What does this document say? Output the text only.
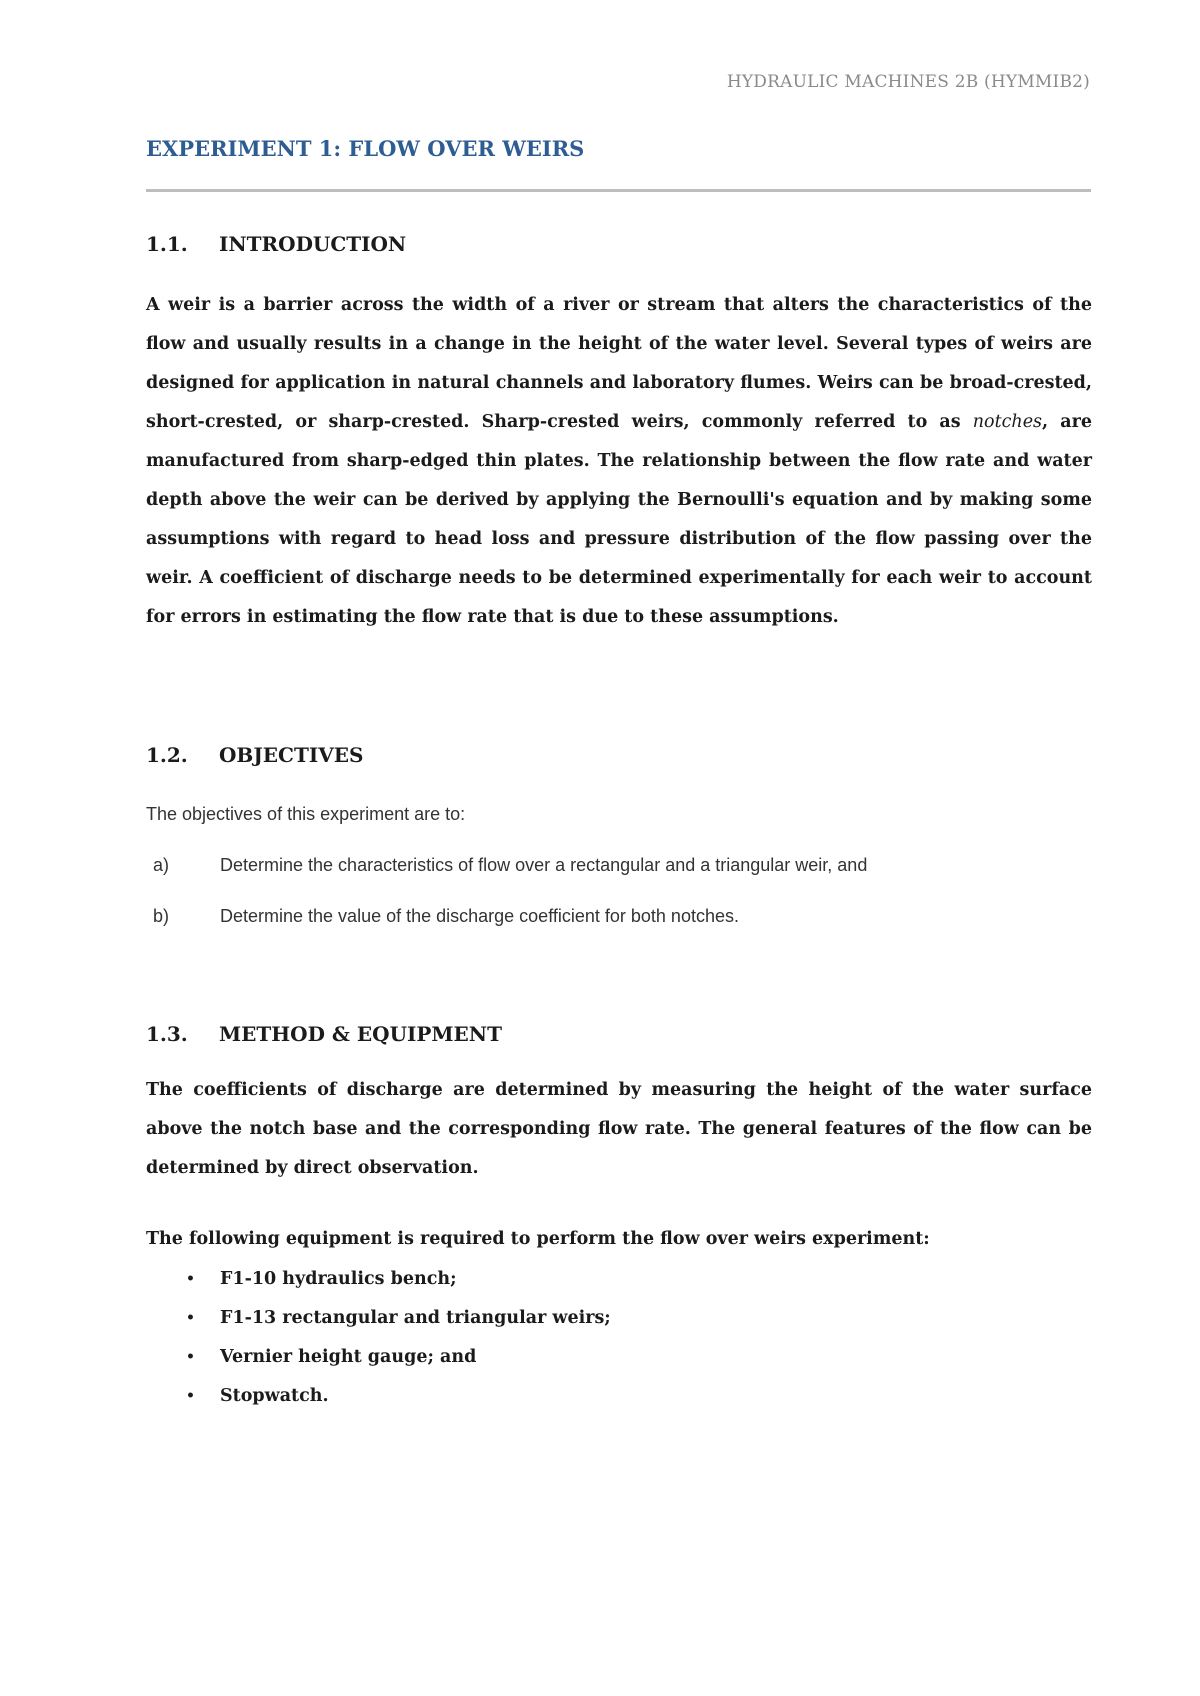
HYDRAULIC MACHINES 2B (HYMMIB2)
EXPERIMENT 1: FLOW OVER WEIRS
1.1. INTRODUCTION

A weir is a barrier across the width of a river or stream that alters the characteristics of the flow and usually results in a change in the height of the water level. Several types of weirs are designed for application in natural channels and laboratory flumes. Weirs can be broad-crested, short-crested, or sharp-crested. Sharp-crested weirs, commonly referred to as notches, are manufactured from sharp-edged thin plates. The relationship between the flow rate and water depth above the weir can be derived by applying the Bernoulli's equation and by making some assumptions with regard to head loss and pressure distribution of the flow passing over the weir. A coefficient of discharge needs to be determined experimentally for each weir to account for errors in estimating the flow rate that is due to these assumptions.

1.2. OBJECTIVES

The objectives of this experiment are to:

a)	Determine the characteristics of flow over a rectangular and a triangular weir, and

b)	Determine the value of the discharge coefficient for both notches.

1.3. METHOD & EQUIPMENT

The coefficients of discharge are determined by measuring the height of the water surface above the notch base and the corresponding flow rate. The general features of the flow can be determined by direct observation.

The following equipment is required to perform the flow over weirs experiment:

• F1-10 hydraulics bench;
• F1-13 rectangular and triangular weirs;
• Vernier height gauge; and
• Stopwatch.
